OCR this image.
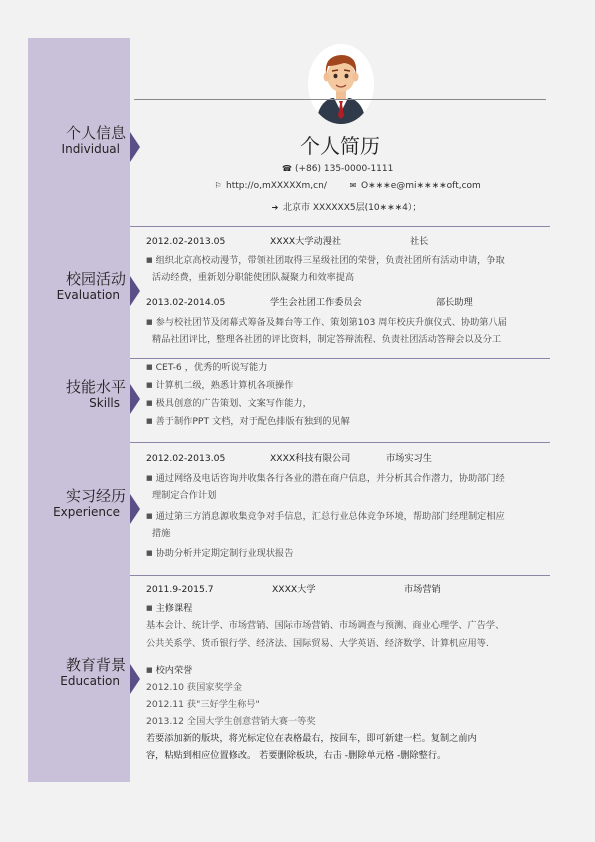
个人简历
☎ (+86) 135-0000-1111
⚐ http://o,mXXXXXm,cn/	✉ O∗∗∗e@mi∗∗∗∗oft,com
➔ 北京市 XXXXXX5层(10∗∗∗4）；
个人信息
Individual
校园活动
Evaluation
2012.02-2013.05	XXXX大学动漫社	社长
■ 组织北京高校动漫节，带领社团取得三星级社团的荣誉，负责社团所有活动申请，争取
活动经费，重新划分职能使团队凝聚力和效率提高
2013.02-2014.05	学生会社团工作委员会	部长助理
■ 参与校社团节及闭幕式筹备及舞台等工作、策划第103 周年校庆升旗仪式、协助第八届
精品社团评比，整理各社团的评比资料，制定答辩流程、负责社团活动答辩会以及分工
技能水平
Skills
■ CET-6 ，优秀的听说写能力
■ 计算机二级，熟悉计算机各项操作
■ 极具创意的广告策划、文案写作能力，
■ 善于制作PPT 文档，对于配色排版有独到的见解
实习经历
Experience
2012.02-2013.05	XXXX科技有限公司	市场实习生
■ 通过网络及电话咨询并收集各行各业的潜在商户信息，并分析其合作潜力，协助部门经
理制定合作计划
■ 通过第三方消息源收集竞争对手信息，汇总行业总体竞争环境，帮助部门经理制定相应
措施
■ 协助分析并定期定制行业现状报告
教育背景
Education
2011.9-2015.7	XXXX大学	市场营销
■ 主修课程
基本会计、统计学、市场营销、国际市场营销、市场调查与预测、商业心理学、广告学、
公共关系学、货币银行学、经济法、国际贸易、大学英语、经济数学、计算机应用等.
■ 校内荣誉
2012.10 获国家奖学金
2012.11 获"三好学生称号"
2013.12 全国大学生创意营销大赛一等奖
若要添加新的版块，将光标定位在表格最右，按回车，即可新建一栏。复制之前内
容，粘贴到相应位置修改。 若要删除板块，右击 -删除单元格 -删除整行。
